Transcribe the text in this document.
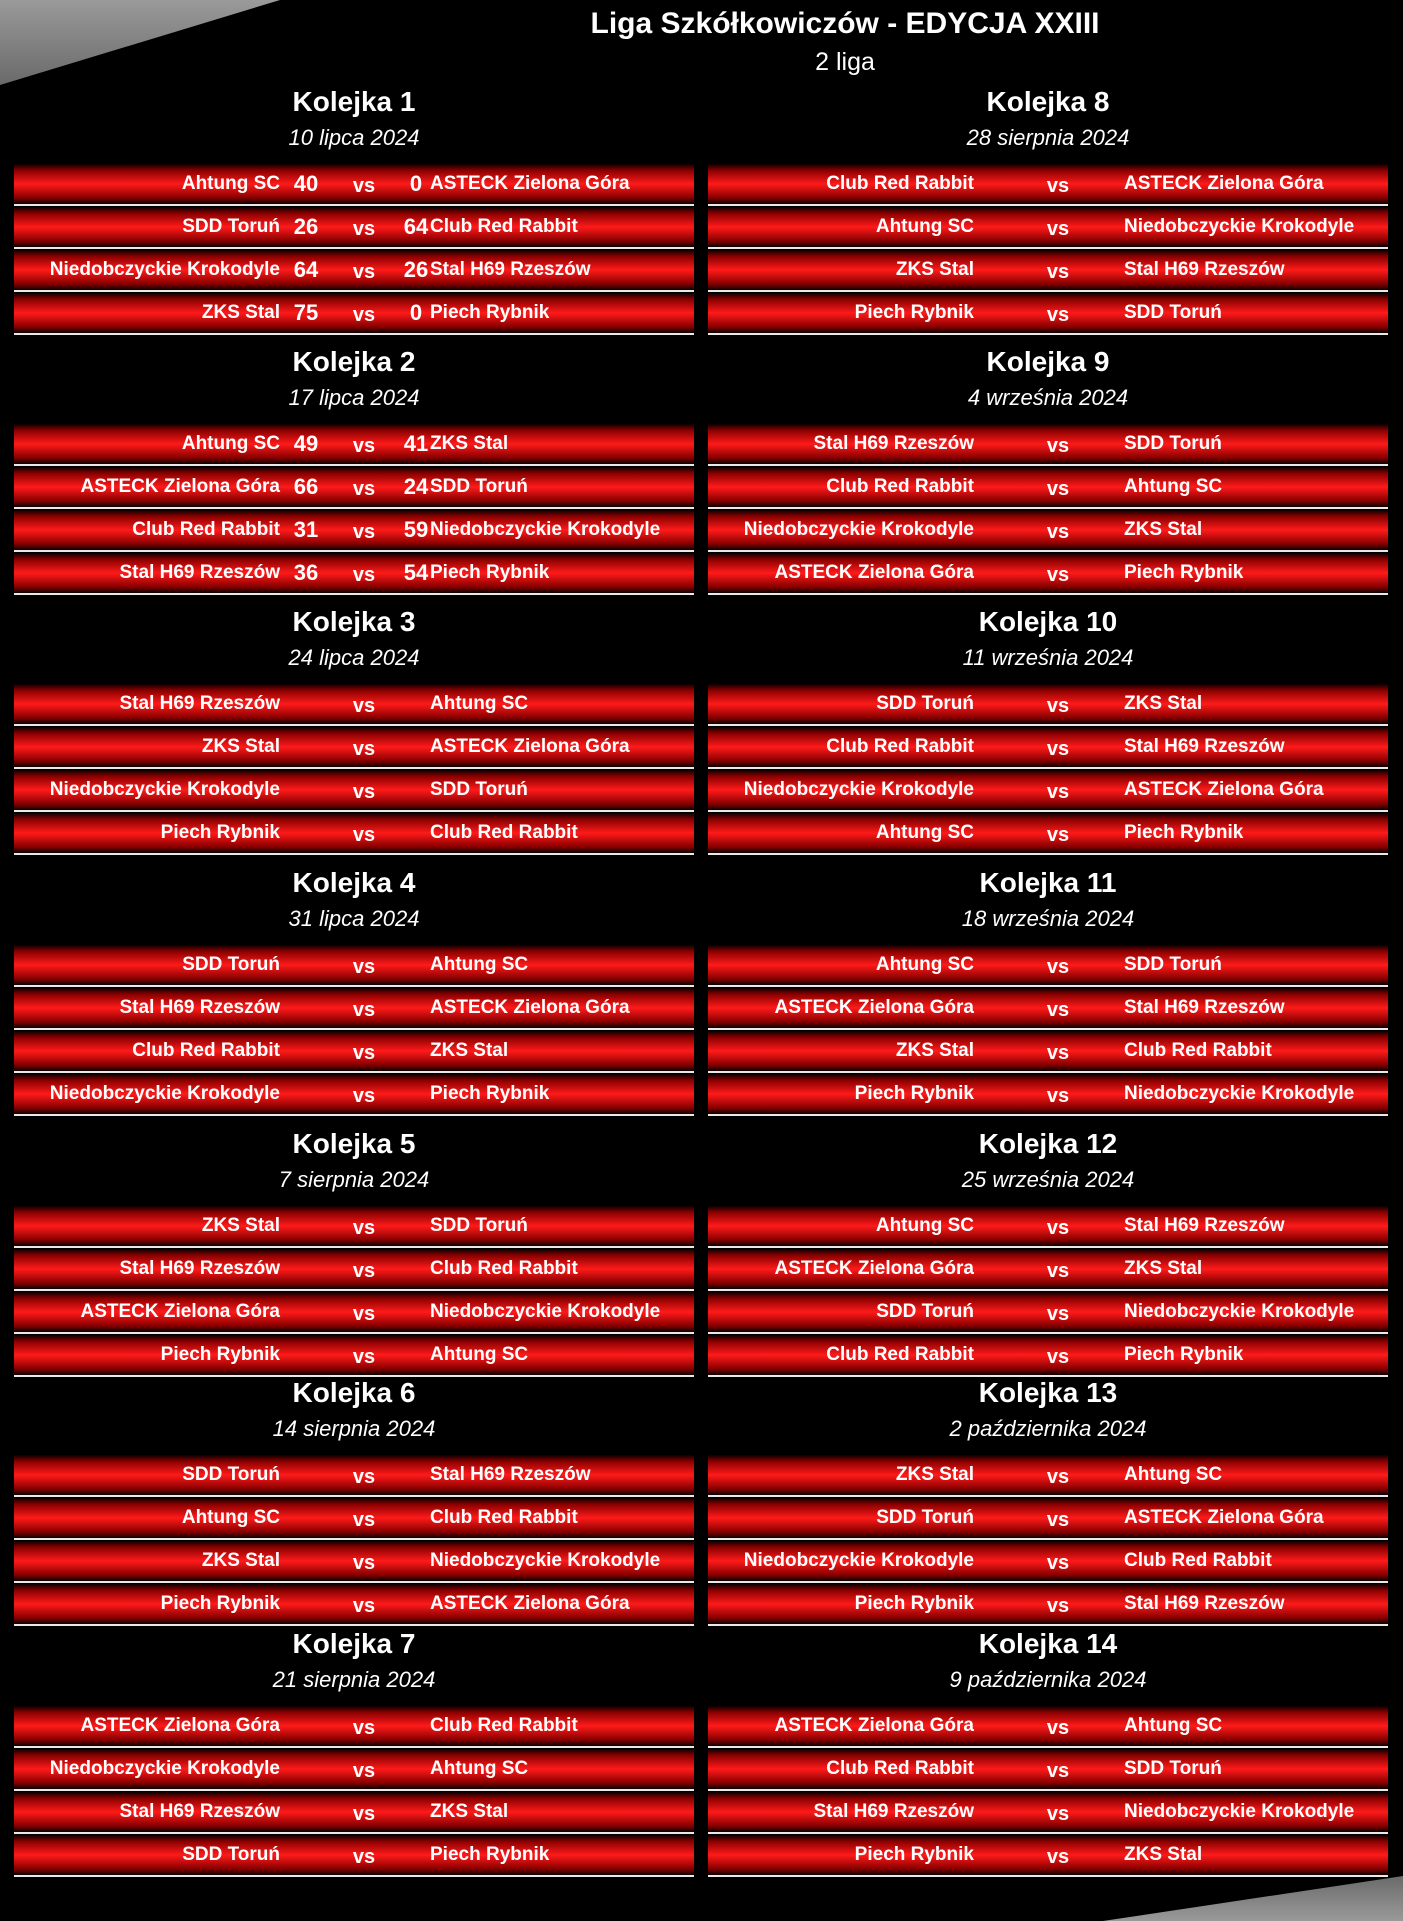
Liga Szkółkowiczów - EDYCJA XXIII
2 liga
Kolejka 1
10 lipca 2024
Ahtung SC 40	vs	0 ASTECK Zielona Góra
SDD Toruń 26	vs	64 Club Red Rabbit
Niedobczyckie Krokodyle 64	vs	26 Stal H69 Rzeszów
ZKS Stal 75	vs	0 Piech Rybnik
Kolejka 2
17 lipca 2024
Ahtung SC 49	vs	41 ZKS Stal
ASTECK Zielona Góra 66	vs	24 SDD Toruń
Club Red Rabbit 31	vs	59 Niedobczyckie Krokodyle
Stal H69 Rzeszów 36	vs	54 Piech Rybnik
Kolejka 3
24 lipca 2024
Stal H69 Rzeszów	vs	Ahtung SC
ZKS Stal	vs	ASTECK Zielona Góra
Niedobczyckie Krokodyle	vs	SDD Toruń
Piech Rybnik	vs	Club Red Rabbit
Kolejka 4
31 lipca 2024
SDD Toruń	vs	Ahtung SC
Stal H69 Rzeszów	vs	ASTECK Zielona Góra
Club Red Rabbit	vs	ZKS Stal
Niedobczyckie Krokodyle	vs	Piech Rybnik
Kolejka 5
7 sierpnia 2024
ZKS Stal	vs	SDD Toruń
Stal H69 Rzeszów	vs	Club Red Rabbit
ASTECK Zielona Góra	vs	Niedobczyckie Krokodyle
Piech Rybnik	vs	Ahtung SC
Kolejka 6
14 sierpnia 2024
SDD Toruń	vs	Stal H69 Rzeszów
Ahtung SC	vs	Club Red Rabbit
ZKS Stal	vs	Niedobczyckie Krokodyle
Piech Rybnik	vs	ASTECK Zielona Góra
Kolejka 7
21 sierpnia 2024
ASTECK Zielona Góra	vs	Club Red Rabbit
Niedobczyckie Krokodyle	vs	Ahtung SC
Stal H69 Rzeszów	vs	ZKS Stal
SDD Toruń	vs	Piech Rybnik
Kolejka 8
28 sierpnia 2024
Club Red Rabbit	vs	ASTECK Zielona Góra
Ahtung SC	vs	Niedobczyckie Krokodyle
ZKS Stal	vs	Stal H69 Rzeszów
Piech Rybnik	vs	SDD Toruń
Kolejka 9
4 września 2024
Stal H69 Rzeszów	vs	SDD Toruń
Club Red Rabbit	vs	Ahtung SC
Niedobczyckie Krokodyle	vs	ZKS Stal
ASTECK Zielona Góra	vs	Piech Rybnik
Kolejka 10
11 września 2024
SDD Toruń	vs	ZKS Stal
Club Red Rabbit	vs	Stal H69 Rzeszów
Niedobczyckie Krokodyle	vs	ASTECK Zielona Góra
Ahtung SC	vs	Piech Rybnik
Kolejka 11
18 września 2024
Ahtung SC	vs	SDD Toruń
ASTECK Zielona Góra	vs	Stal H69 Rzeszów
ZKS Stal	vs	Club Red Rabbit
Piech Rybnik	vs	Niedobczyckie Krokodyle
Kolejka 12
25 września 2024
Ahtung SC	vs	Stal H69 Rzeszów
ASTECK Zielona Góra	vs	ZKS Stal
SDD Toruń	vs	Niedobczyckie Krokodyle
Club Red Rabbit	vs	Piech Rybnik
Kolejka 13
2 października 2024
ZKS Stal	vs	Ahtung SC
SDD Toruń	vs	ASTECK Zielona Góra
Niedobczyckie Krokodyle	vs	Club Red Rabbit
Piech Rybnik	vs	Stal H69 Rzeszów
Kolejka 14
9 października 2024
ASTECK Zielona Góra	vs	Ahtung SC
Club Red Rabbit	vs	SDD Toruń
Stal H69 Rzeszów	vs	Niedobczyckie Krokodyle
Piech Rybnik	vs	ZKS Stal
